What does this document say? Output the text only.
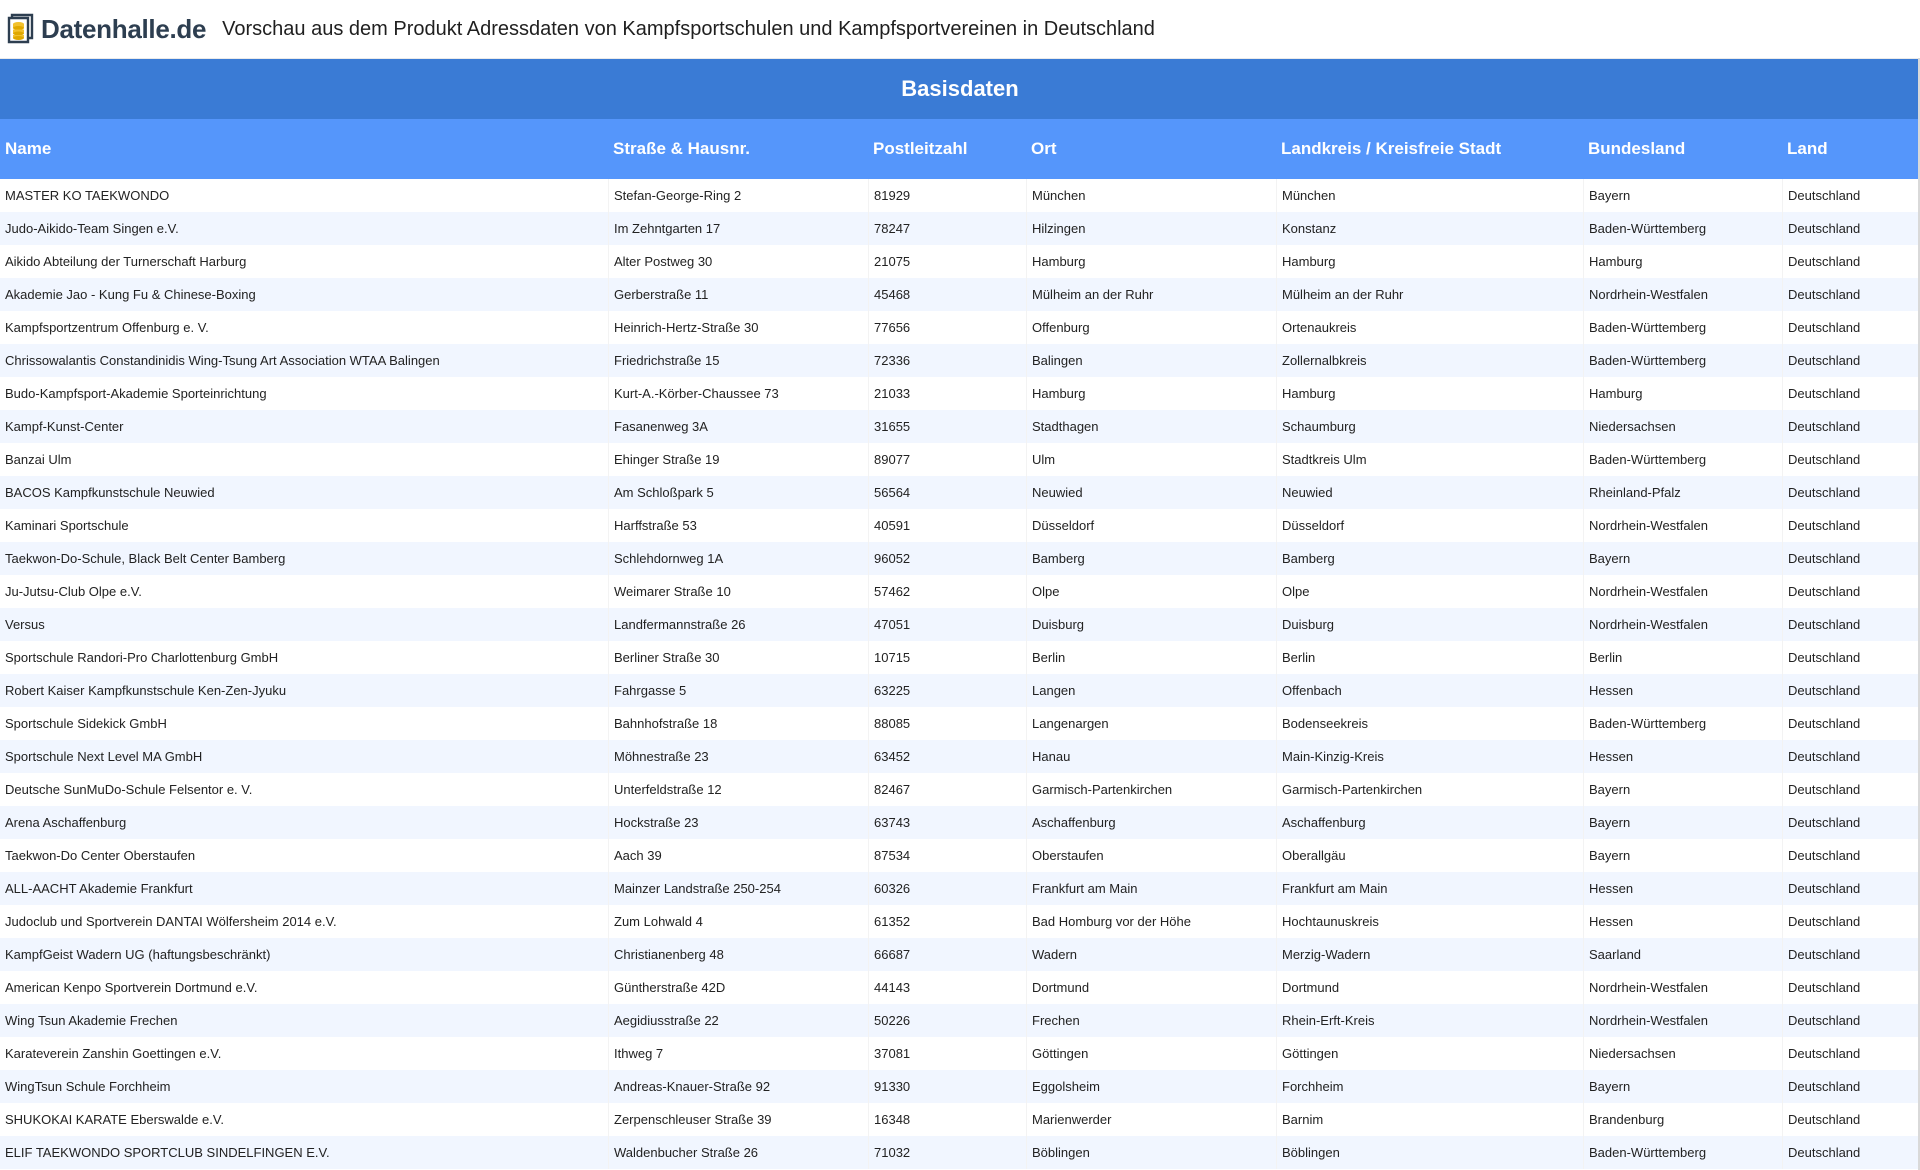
Datenhalle.de Vorschau aus dem Produkt Adressdaten von Kampfsportschulen und Kampfsportvereinen in Deutschland
Basisdaten
Name	Straße & Hausnr.	Postleitzahl	Ort	Landkreis / Kreisfreie Stadt	Bundesland	Land
MASTER KO TAEKWONDO	Stefan-George-Ring 2	81929	München	München	Bayern	Deutschland
Judo-Aikido-Team Singen e.V.	Im Zehntgarten 17	78247	Hilzingen	Konstanz	Baden-Württemberg	Deutschland
Aikido Abteilung der Turnerschaft Harburg	Alter Postweg 30	21075	Hamburg	Hamburg	Hamburg	Deutschland
Akademie Jao - Kung Fu & Chinese-Boxing	Gerberstraße 11	45468	Mülheim an der Ruhr	Mülheim an der Ruhr	Nordrhein-Westfalen	Deutschland
Kampfsportzentrum Offenburg e. V.	Heinrich-Hertz-Straße 30	77656	Offenburg	Ortenaukreis	Baden-Württemberg	Deutschland
Chrissowalantis Constandinidis Wing-Tsung Art Association WTAA Balingen	Friedrichstraße 15	72336	Balingen	Zollernalbkreis	Baden-Württemberg	Deutschland
Budo-Kampfsport-Akademie Sporteinrichtung	Kurt-A.-Körber-Chaussee 73	21033	Hamburg	Hamburg	Hamburg	Deutschland
Kampf-Kunst-Center	Fasanenweg 3A	31655	Stadthagen	Schaumburg	Niedersachsen	Deutschland
Banzai Ulm	Ehinger Straße 19	89077	Ulm	Stadtkreis Ulm	Baden-Württemberg	Deutschland
BACOS Kampfkunstschule Neuwied	Am Schloßpark 5	56564	Neuwied	Neuwied	Rheinland-Pfalz	Deutschland
Kaminari Sportschule	Harffstraße 53	40591	Düsseldorf	Düsseldorf	Nordrhein-Westfalen	Deutschland
Taekwon-Do-Schule, Black Belt Center Bamberg	Schlehdornweg 1A	96052	Bamberg	Bamberg	Bayern	Deutschland
Ju-Jutsu-Club Olpe e.V.	Weimarer Straße 10	57462	Olpe	Olpe	Nordrhein-Westfalen	Deutschland
Versus	Landfermannstraße 26	47051	Duisburg	Duisburg	Nordrhein-Westfalen	Deutschland
Sportschule Randori-Pro Charlottenburg GmbH	Berliner Straße 30	10715	Berlin	Berlin	Berlin	Deutschland
Robert Kaiser Kampfkunstschule Ken-Zen-Jyuku	Fahrgasse 5	63225	Langen	Offenbach	Hessen	Deutschland
Sportschule Sidekick GmbH	Bahnhofstraße 18	88085	Langenargen	Bodenseekreis	Baden-Württemberg	Deutschland
Sportschule Next Level MA GmbH	Möhnestraße 23	63452	Hanau	Main-Kinzig-Kreis	Hessen	Deutschland
Deutsche SunMuDo-Schule Felsentor e. V.	Unterfeldstraße 12	82467	Garmisch-Partenkirchen	Garmisch-Partenkirchen	Bayern	Deutschland
Arena Aschaffenburg	Hockstraße 23	63743	Aschaffenburg	Aschaffenburg	Bayern	Deutschland
Taekwon-Do Center Oberstaufen	Aach 39	87534	Oberstaufen	Oberallgäu	Bayern	Deutschland
ALL-AACHT Akademie Frankfurt	Mainzer Landstraße 250-254	60326	Frankfurt am Main	Frankfurt am Main	Hessen	Deutschland
Judoclub und Sportverein DANTAI Wölfersheim 2014 e.V.	Zum Lohwald 4	61352	Bad Homburg vor der Höhe	Hochtaunuskreis	Hessen	Deutschland
KampfGeist Wadern UG (haftungsbeschränkt)	Christianenberg 48	66687	Wadern	Merzig-Wadern	Saarland	Deutschland
American Kenpo Sportverein Dortmund e.V.	Güntherstraße 42D	44143	Dortmund	Dortmund	Nordrhein-Westfalen	Deutschland
Wing Tsun Akademie Frechen	Aegidiusstraße 22	50226	Frechen	Rhein-Erft-Kreis	Nordrhein-Westfalen	Deutschland
Karateverein Zanshin Goettingen e.V.	Ithweg 7	37081	Göttingen	Göttingen	Niedersachsen	Deutschland
WingTsun Schule Forchheim	Andreas-Knauer-Straße 92	91330	Eggolsheim	Forchheim	Bayern	Deutschland
SHUKOKAI KARATE Eberswalde e.V.	Zerpenschleuser Straße 39	16348	Marienwerder	Barnim	Brandenburg	Deutschland
ELIF TAEKWONDO SPORTCLUB SINDELFINGEN E.V.	Waldenbucher Straße 26	71032	Böblingen	Böblingen	Baden-Württemberg	Deutschland
